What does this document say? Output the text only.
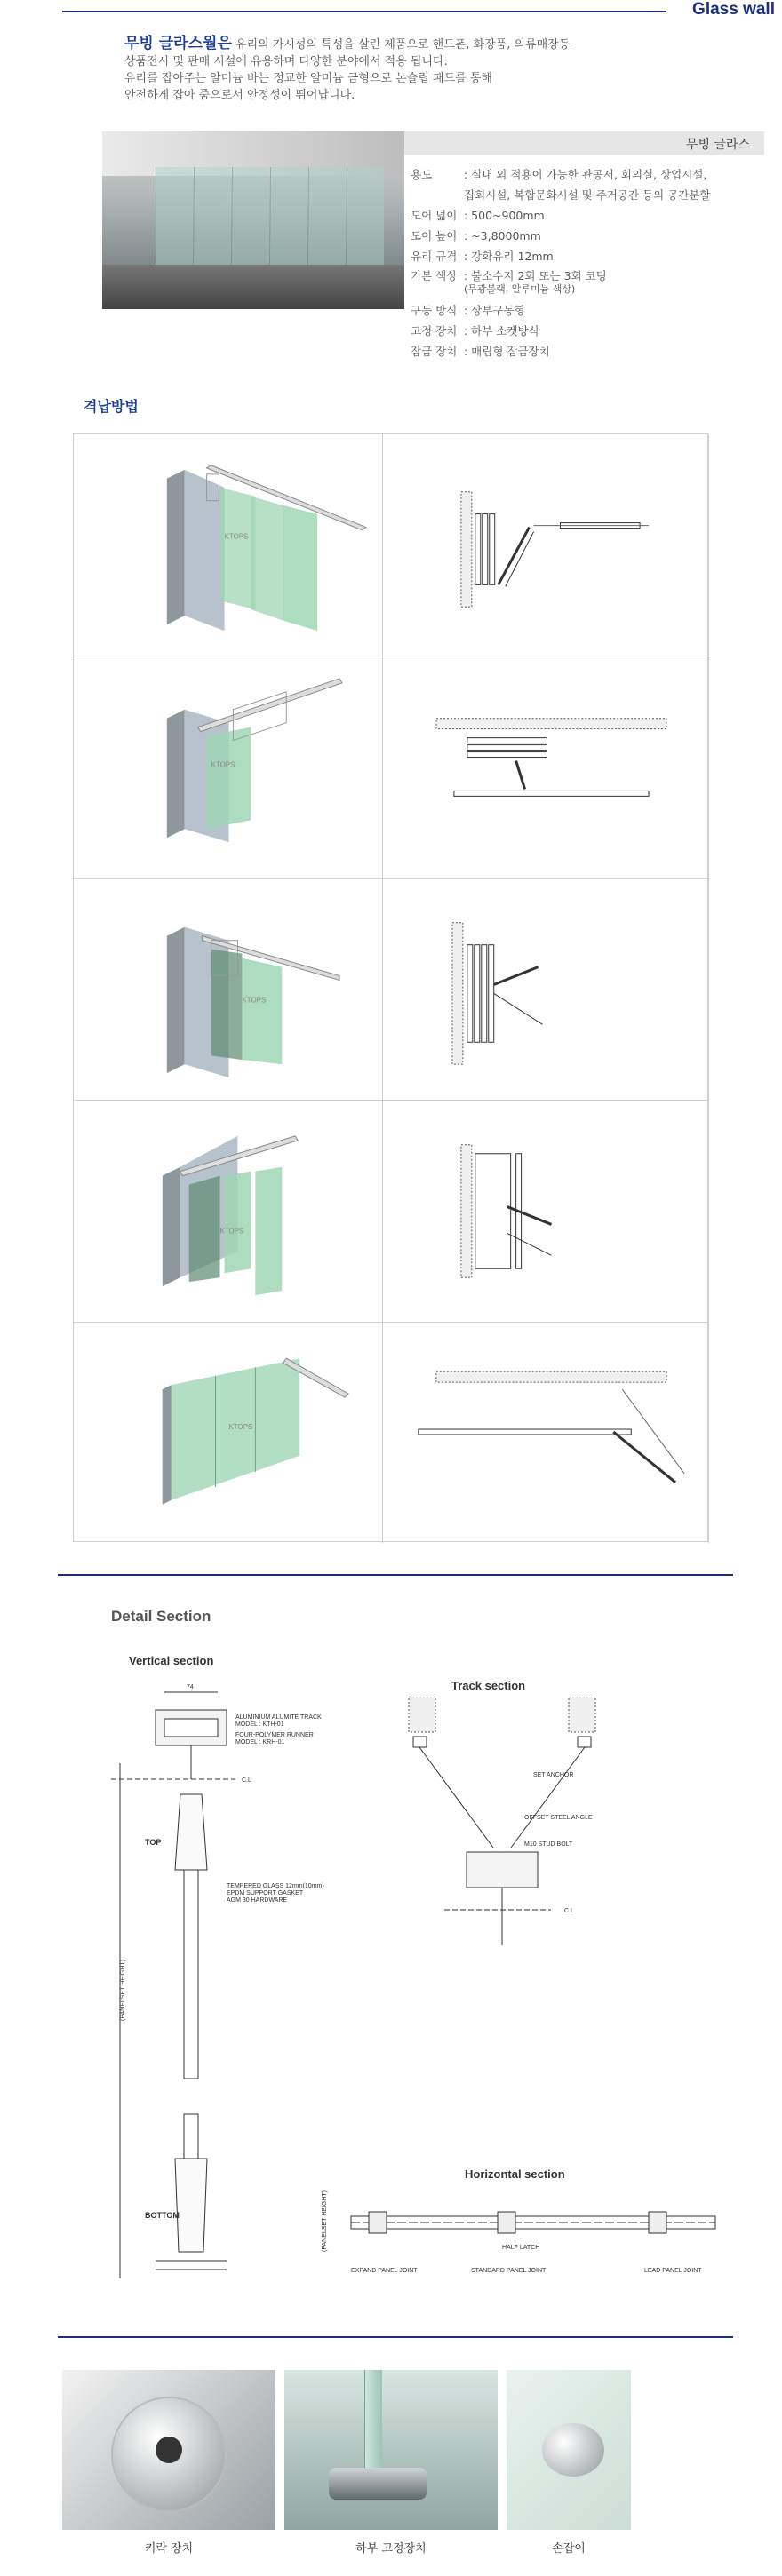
Glass wall
무빙 글라스월은 유리의 가시성의 특성을 살린 제품으로 핸드폰, 화장품, 의류매장등
상품전시 및 판매 시설에 유용하며 다양한 분야에서 적용 됩니다.
유리를 잡아주는 알미늄 바는 정교한 알미늄 금형으로 논슬립 패드를 통해
안전하게 잡아 줌으로서 안정성이 뛰어납니다.
무빙 글라스
용도	: 실내 외 적용이 가능한 관공서, 회의실, 상업시설,
집회시설, 복합문화시설 및 주거공간 등의 공간분할
도어 넓이 : 500~900mm
도어 높이 : ~3,8000mm
유리 규격 : 강화유리 12mm
기본 색상 : 불소수지 2회 또는 3회 코팅
(무광블랙, 알루미늄 색상)
구동 방식 : 상부구동형
고정 장치 : 하부 소켓방식
잠금 장치 : 매립형 잠금장치
격납방법
KTOPS
KTOPS
KTOPS
KTOPS
KTOPS
Detail Section
Vertical section
74
C.L
ALUMINIUM ALUMITE TRACK
MODEL : KTH-01
FOUR-POLYMER RUNNER
MODEL : KRH-01
TOP
TEMPERED GLASS 12mm(10mm)
EPDM SUPPORT GASKET
AGM 30 HARDWARE
(PANELSET HEIGHT)
BOTTOM
Track section
SET ANCHOR
OFFSET STEEL ANGLE
M10 STUD BOLT
C.L
Horizontal section
(PANELSET HEIGHT)	HALF LATCH
EXPAND PANEL JOINT	STANDARD PANEL JOINT	LEAD PANEL JOINT
키락 장치	하부 고정장치	손잡이
